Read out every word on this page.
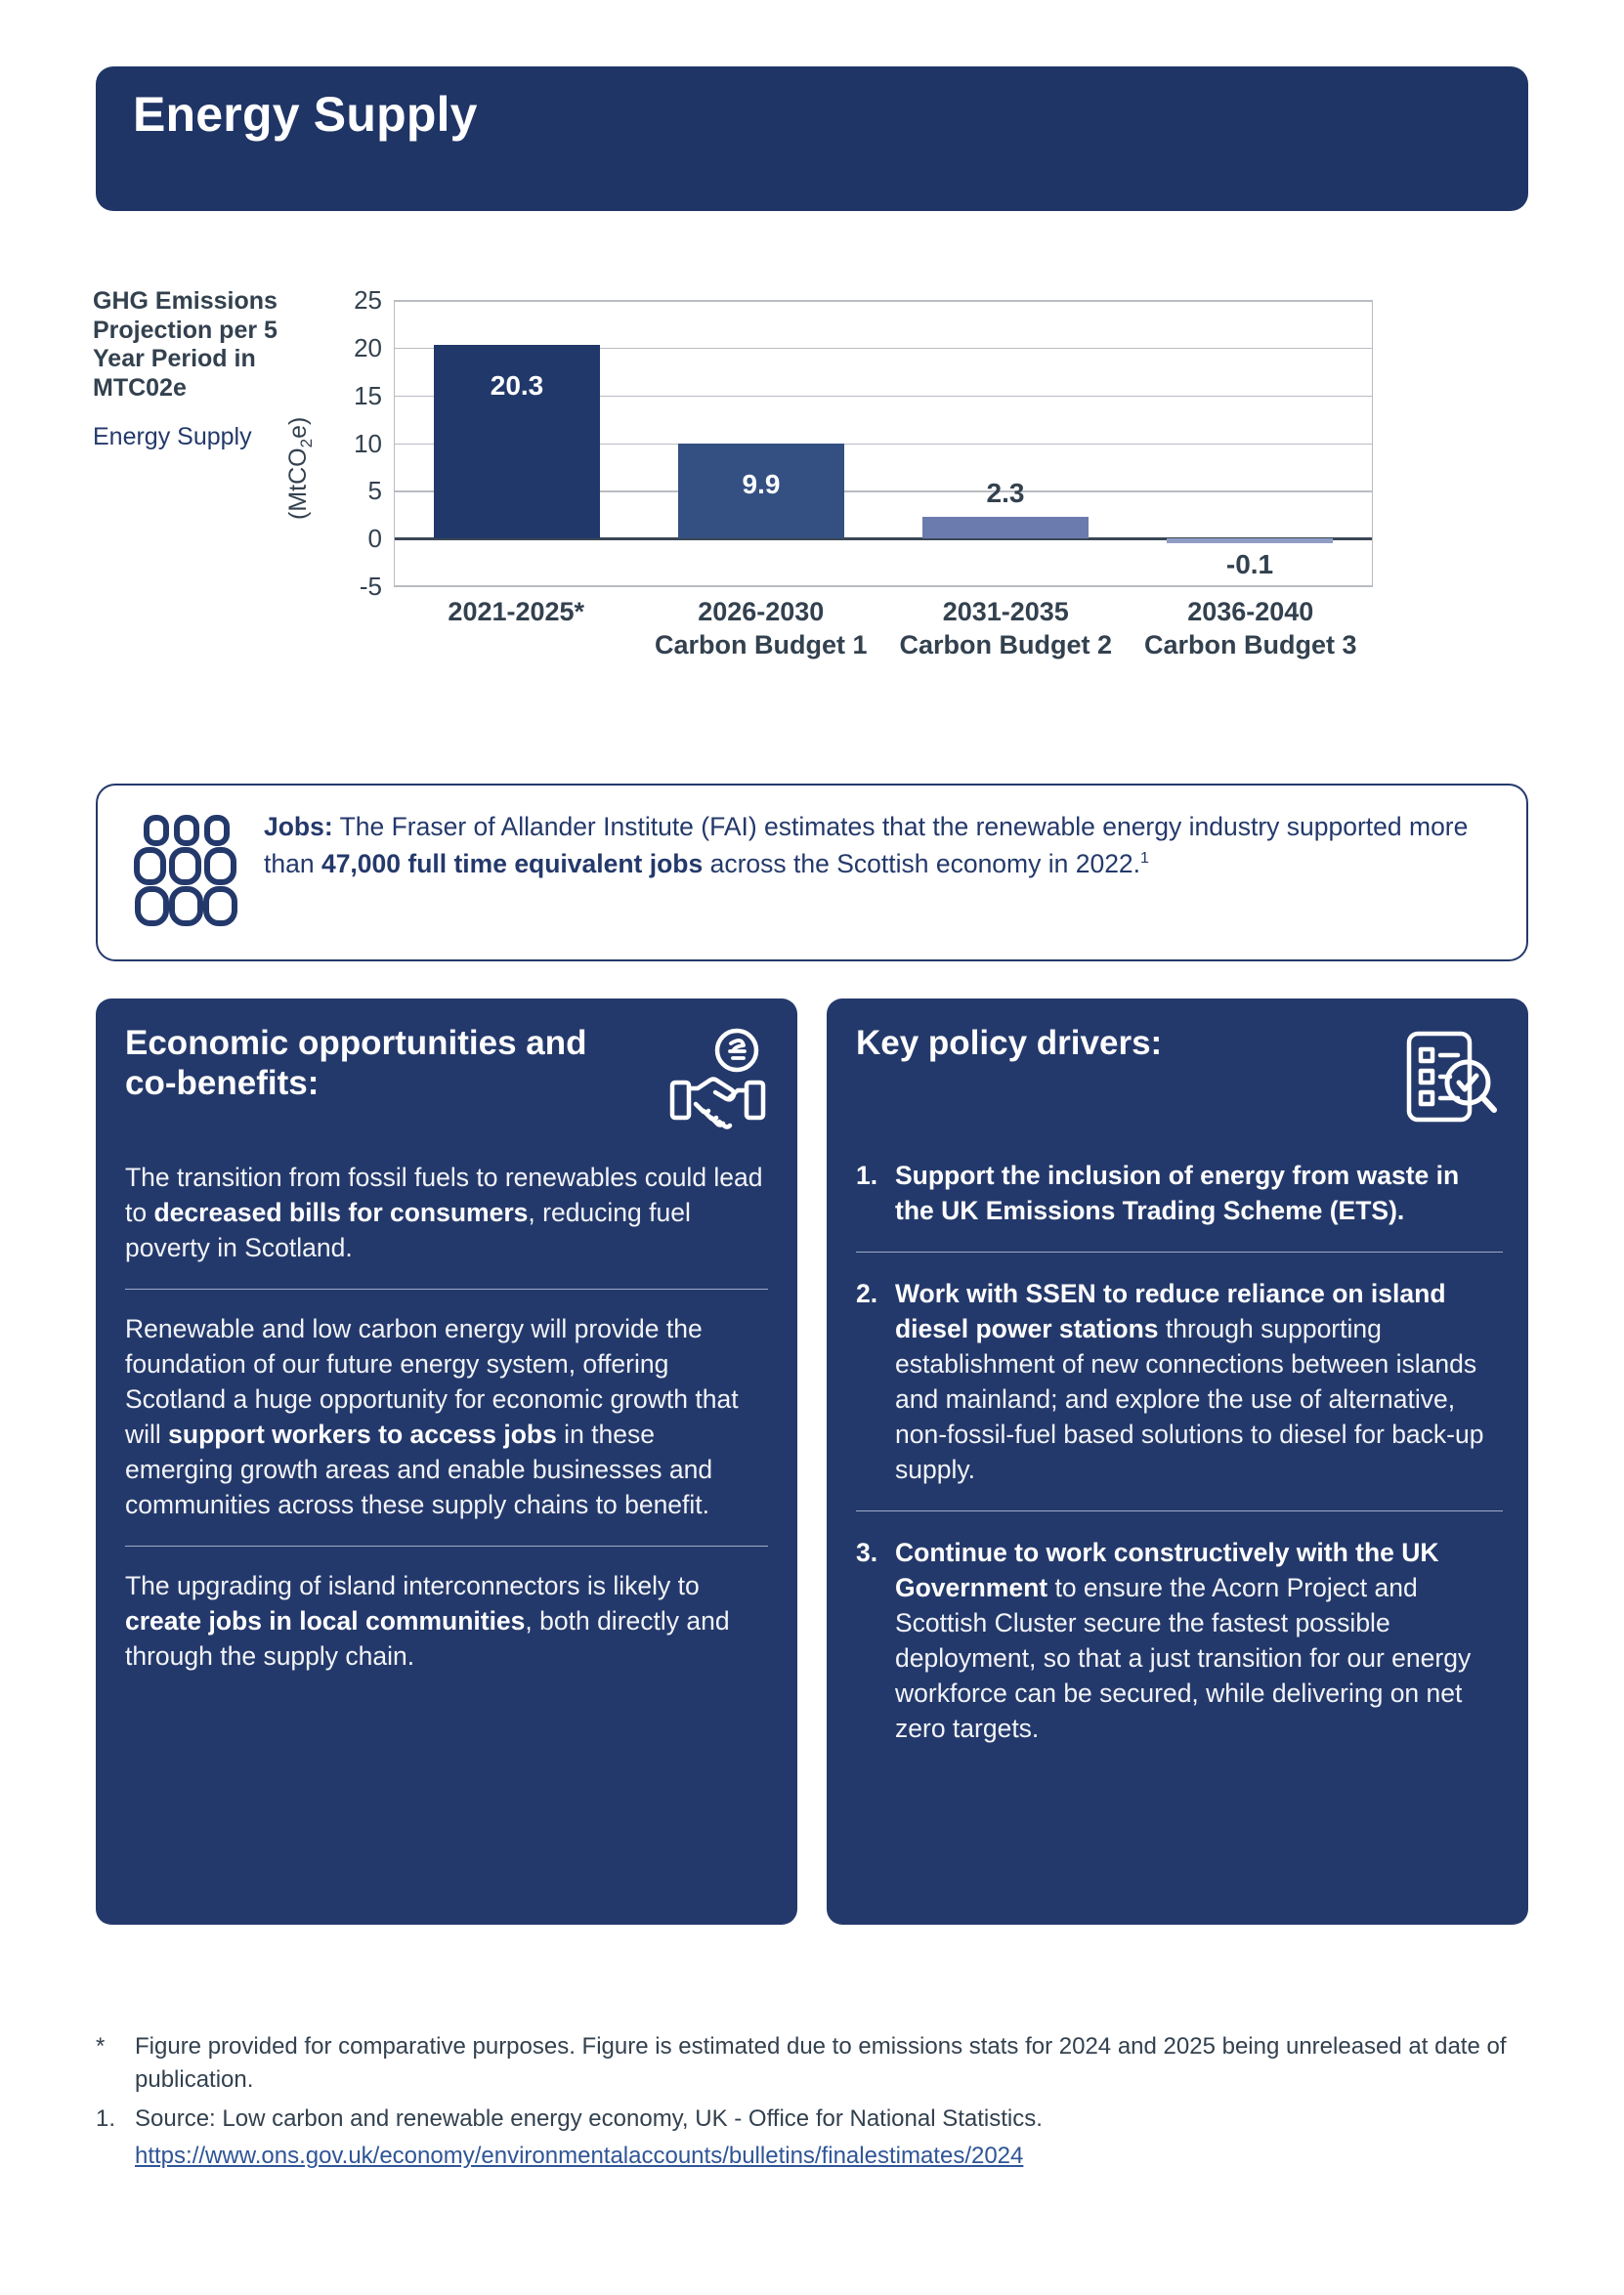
Energy Supply
GHG Emissions Projection per 5 Year Period in MTC02e
Energy Supply
(MtCO$_2$e)
25
20
15
10
5
0
-5
20.3
9.9	2.3
-0.1
2021-2025*
	2026-2030
Carbon Budget 1
2031-2035
Carbon Budget 2
2036-2040
Carbon Budget 3
Jobs: The Fraser of Allander Institute (FAI) estimates that the renewable energy industry supported more than 47,000 full time equivalent jobs across the Scottish economy in 2022.$^1$
Economic opportunities and co-benefits:

The transition from fossil fuels to renewables could lead to decreased bills for consumers, reducing fuel poverty in Scotland.

Renewable and low carbon energy will provide the foundation of our future energy system, offering Scotland a huge opportunity for economic growth that will support workers to access jobs in these emerging growth areas and enable businesses and communities across these supply chains to benefit.

The upgrading of island interconnectors is likely to create jobs in local communities, both directly and through the supply chain.

Key policy drivers:
1. Support the inclusion of energy from waste in the UK Emissions Trading Scheme (ETS).
2. Work with SSEN to reduce reliance on island diesel power stations through supporting establishment of new connections between islands and mainland; and explore the use of alternative, non-fossil-fuel based solutions to diesel for back-up supply.
3. Continue to work constructively with the UK Government to ensure the Acorn Project and Scottish Cluster secure the fastest possible deployment, so that a just transition for our energy workforce can be secured, while delivering on net zero targets.
*	Figure provided for comparative purposes. Figure is estimated due to emissions stats for 2024 and 2025 being unreleased at date of publication.
1. Source: Low carbon and renewable energy economy, UK - Office for National Statistics.
https://www.ons.gov.uk/economy/environmentalaccounts/bulletins/finalestimates/2024
